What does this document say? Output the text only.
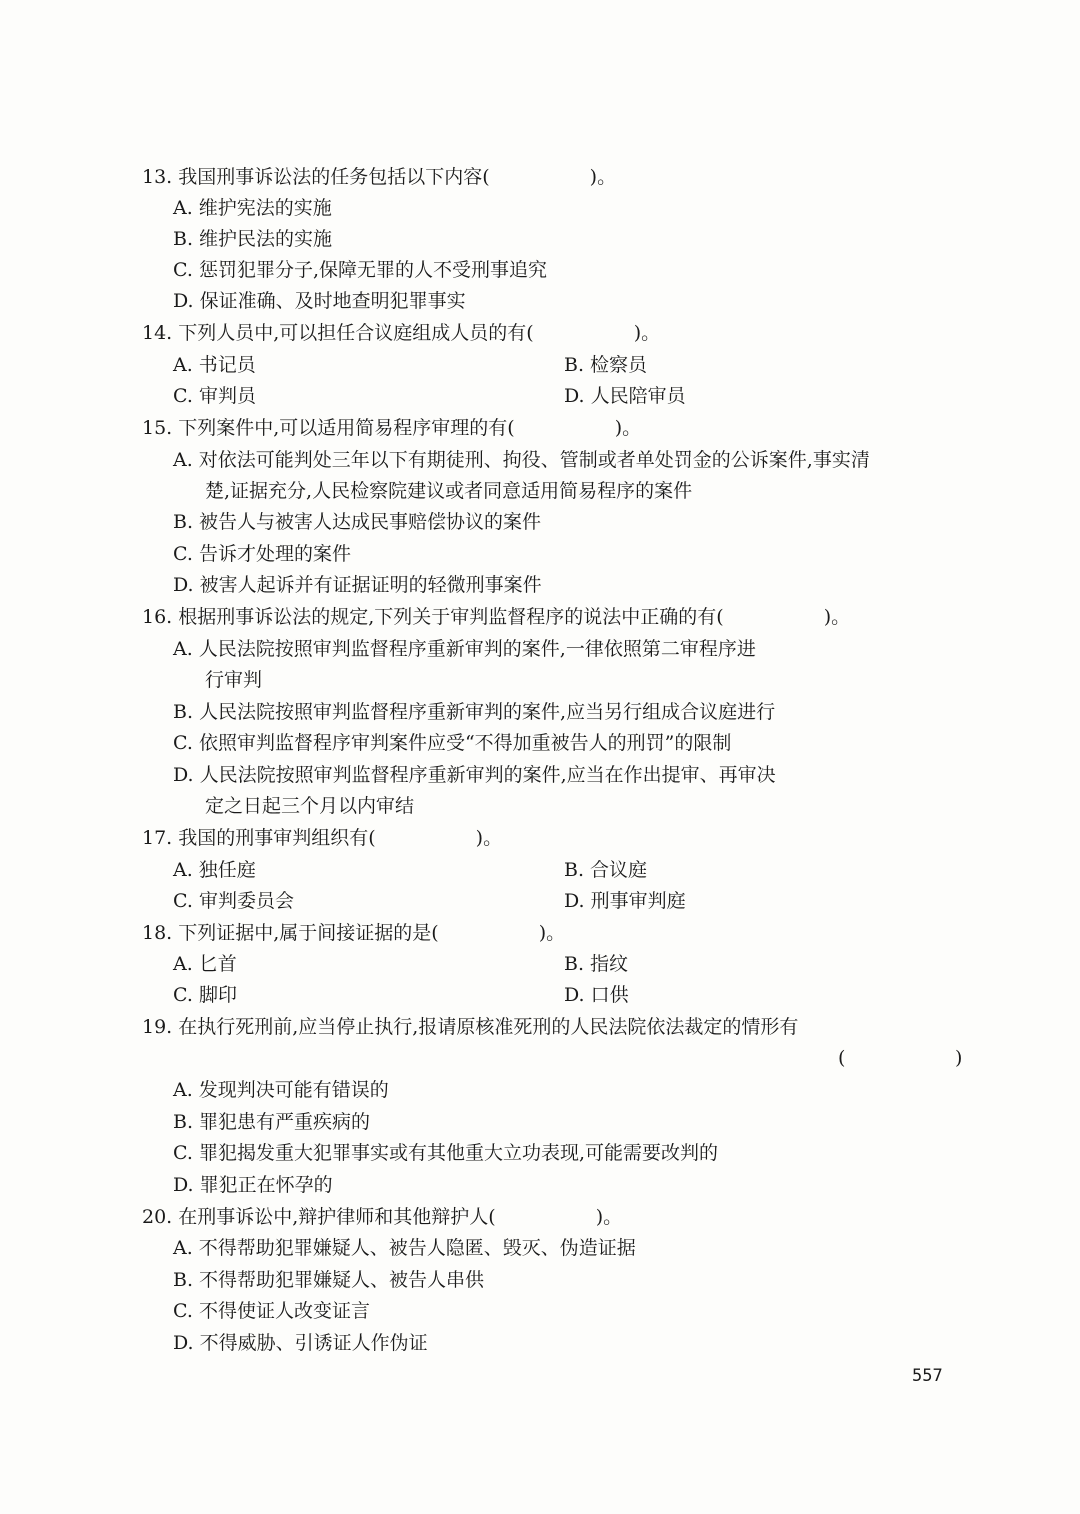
13. 我国刑事诉讼法的任务包括以下内容(	)。
A. 维护宪法的实施
B. 维护民法的实施
C. 惩罚犯罪分子,保障无罪的人不受刑事追究
D. 保证准确、及时地查明犯罪事实
14. 下列人员中,可以担任合议庭组成人员的有(	)。
A. 书记员	B. 检察员
C. 审判员	D. 人民陪审员
15. 下列案件中,可以适用简易程序审理的有(	)。
A. 对依法可能判处三年以下有期徒刑、拘役、管制或者单处罚金的公诉案件,事实清
楚,证据充分,人民检察院建议或者同意适用简易程序的案件
B. 被告人与被害人达成民事赔偿协议的案件
C. 告诉才处理的案件
D. 被害人起诉并有证据证明的轻微刑事案件
16. 根据刑事诉讼法的规定,下列关于审判监督程序的说法中正确的有(	)。
A. 人民法院按照审判监督程序重新审判的案件,一律依照第二审程序进
行审判
B. 人民法院按照审判监督程序重新审判的案件,应当另行组成合议庭进行
C. 依照审判监督程序审判案件应受“不得加重被告人的刑罚”的限制
D. 人民法院按照审判监督程序重新审判的案件,应当在作出提审、再审决
定之日起三个月以内审结
17. 我国的刑事审判组织有(	)。
A. 独任庭	B. 合议庭
C. 审判委员会	D. 刑事审判庭
18. 下列证据中,属于间接证据的是(	)。
A. 匕首	B. 指纹
C. 脚印	D. 口供
19. 在执行死刑前,应当停止执行,报请原核准死刑的人民法院依法裁定的情形有
(	)
A. 发现判决可能有错误的
B. 罪犯患有严重疾病的
C. 罪犯揭发重大犯罪事实或有其他重大立功表现,可能需要改判的
D. 罪犯正在怀孕的
20. 在刑事诉讼中,辩护律师和其他辩护人(	)。
A. 不得帮助犯罪嫌疑人、被告人隐匿、毁灭、伪造证据
B. 不得帮助犯罪嫌疑人、被告人串供
C. 不得使证人改变证言
D. 不得威胁、引诱证人作伪证
557
